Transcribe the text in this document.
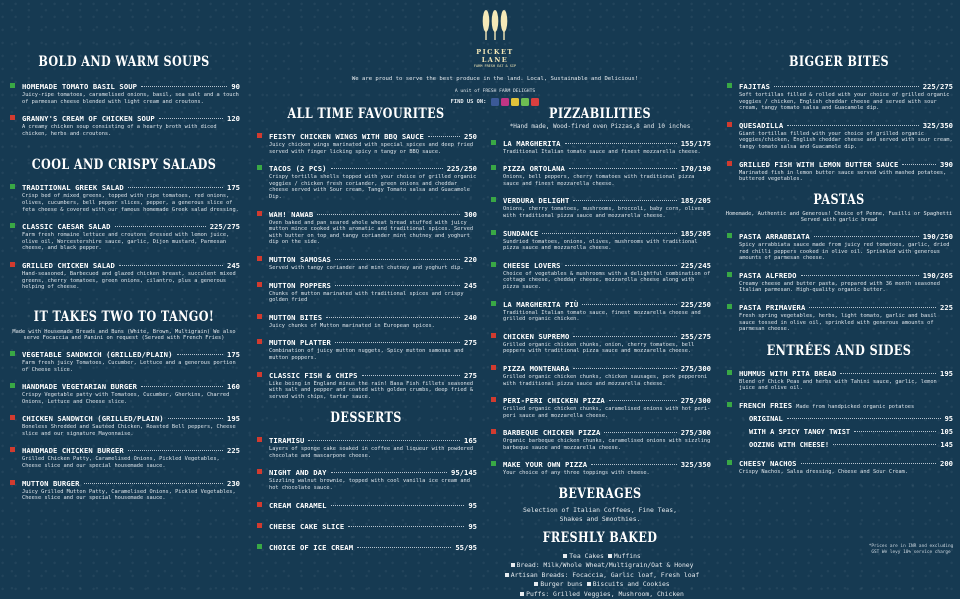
PICKET LANE
FARM FRESH EAT & SIP
We are proud to serve the best produce in the land. Local, Sustainable and Delicious!
A unit of FRESH FARM DELIGHTS
FIND US ON:
BOLD AND WARM SOUPS
HOMEMADE TOMATO BASIL SOUP	90
Juicy-ripe tomatoes, caramelised onions, basil, sea salt and a touch of parmesan cheese blended with light cream and croutons.
GRANNY'S CREAM OF CHICKEN SOUP	120
A creamy chicken soup consisting of a hearty broth with diced chicken, herbs and croutons.
COOL AND CRISPY SALADS
TRADITIONAL GREEK SALAD	175
Crisp bed of mixed greens, topped with ripe tomatoes, red onions, olives, cucumbers, bell pepper slices, pepper, a generous slice of feta cheese & covered with our famous homemade Greek salad dressing.
CLASSIC CAESAR SALAD	225/275
Farm fresh romaine lettuce and croutons dressed with lemon juice, olive oil, Worcestershire sauce, garlic, Dijon mustard, Parmesan cheese, and black pepper.
GRILLED CHICKEN SALAD	245
Hand-seasoned, Barbecued and glazed chicken breast, succulent mixed greens, cherry tomatoes, green onions, cilantro, plus a generous helping of cheese.
IT TAKES TWO TO TANGO!
Made with Housemade Breads and Buns (White, Brown, Multigrain) We also serve Focaccia and Panini on request (Served with French Fries)
VEGETABLE SANDWICH (GRILLED/PLAIN)	175
Farm fresh juicy Tomatoes, Cucumber, Lettuce and a generous portion of Cheese slice.
HANDMADE VEGETARIAN BURGER	160
Crispy Vegetable patty with Tomatoes, Cucumber, Gherkins, Charred Onions, Lettuce and Cheese slice.
CHICKEN SANDWICH (GRILLED/PLAIN)	195
Boneless Shredded and Sautéed Chicken, Roasted Bell peppers, Cheese slice and our signature Mayonnaise.
HANDMADE CHICKEN BURGER	225
Grilled Chicken Patty, Caramelised Onions, Pickled Vegetables, Cheese slice and our special housemade sauce.
MUTTON BURGER	230
Juicy Grilled Mutton Patty, Caramelised Onions, Pickled Vegetables, Cheese slice and our special housemade sauce.
ALL TIME FAVOURITES
FEISTY CHICKEN WINGS WITH BBQ SAUCE	250
Juicy chicken wings marinated with special spices and deep fried served with finger licking spicy n tangy or BBQ sauce.
TACOS (2 PCS)	225/250
Crispy tortilla shells topped with your choice of grilled organic veggies / chicken fresh coriander, green onions and cheddar cheese served with Sour cream, Tangy Tomato salsa and Guacamole Dip.
WAH! NAWAB	300
Oven baked and pan seared whole wheat bread stuffed with juicy mutton mince cooked with aromatic and traditional spices. Served with butter on top and tangy coriander mint chutney and yoghurt dip on the side.
MUTTON SAMOSAS	220
Served with tangy coriander and mint chutney and yoghurt dip.
MUTTON POPPERS	245
Chunks of mutton marinated with traditional spices and crispy golden fried
MUTTON BITES	240
Juicy chunks of Mutton marinated in European spices.
MUTTON PLATTER	275
Combination of juicy mutton nuggets, Spicy mutton samosas and mutton poppers.
CLASSIC FISH & CHIPS	275
Like being in England minus the rain! Basa Fish fillets seasoned with salt and pepper and coated with golden crumbs, deep fried & served with chips, tartar sauce.
DESSERTS
TIRAMISU	165
Layers of sponge cake soaked in coffee and liqueur with powdered chocolate and mascarpone cheese.
NIGHT AND DAY	95/145
Sizzling walnut brownie, topped with cool vanilla ice cream and hot chocolate sauce.
CREAM CARAMEL	95
CHEESE CAKE SLICE	95
CHOICE OF ICE CREAM	55/95
PIZZABILITIES
*Hand made, Wood-fired oven Pizzas,8 and 10 inches
LA MARGHERITA	155/175
Traditional Italian tomato sauce and finest mozzarella cheese.
PIZZA ORTOLANA	170/190
Onions, bell peppers, cherry tomatoes with traditional pizza sauce and finest mozzarella cheese.
VERDURA DELIGHT	185/205
Onions, cherry tomatoes, mushrooms, broccoli, baby corn, olives with traditional pizza sauce and mozzarella cheese.
SUNDANCE	185/205
Sundried tomatoes, onions, olives, mushrooms with traditional pizza sauce and mozzarella cheese.
CHEESE LOVERS	225/245
Choice of vegetables & mushrooms with a delightful combination of cottage cheese, cheddar cheese, mozzarella cheese along with pizza sauce.
LA MARGHERITA PIÙ	225/250
Traditional Italian tomato sauce, finest mozzarella cheese and grilled organic chicken.
CHICKEN SUPREMO	255/275
Grilled organic chicken chunks, onion, cherry tomatoes, bell peppers with traditional pizza sauce and mozzarella cheese.
PIZZA MONTENARA	275/300
Grilled organic chicken chunks, chicken sausages, pork pepperoni with traditional pizza sauce and mozzarella cheese.
PERI-PERI CHICKEN PIZZA	275/300
Grilled organic chicken chunks, caramelised onions with hot peri-peri sauce and mozzarella cheese.
BARBEQUE CHICKEN PIZZA	275/300
Organic barbeque chicken chunks, caramelised onions with sizzling barbeque sauce and mozzarella cheese.
MAKE YOUR OWN PIZZA	325/350
Your choice of any three toppings with cheese.
BEVERAGES
Selection of Italian Coffees, Fine Teas, Shakes and Smoothies.
FRESHLY BAKED
Tea Cakes Muffins
Bread: Milk/Whole Wheat/Multigrain/Oat & Honey
Artisan Breads: Focaccia, Garlic loaf, Fresh loaf
Burger buns Biscuits and Cookies
Puffs: Grilled Veggies, Mushroom, Chicken
BIGGER BITES
FAJITAS	225/275
Soft tortillas filled & rolled with your choice of grilled organic veggies / chicken, English cheddar cheese and served with sour cream, tangy tomato salsa and Guacamole dip.
QUESADILLA	325/350
Giant tortillas filled with your choice of grilled organic veggies/chicken, English cheddar cheese and served with sour cream, tangy tomato salsa and Guacamole dip.
GRILLED FISH WITH LEMON BUTTER SAUCE	390
Marinated fish in lemon butter sauce served with mashed potatoes, buttered vegetables.
PASTAS
Homemade, Authentic and Generous! Choice of Penne, Fusilli or Spaghetti Served with garlic bread
PASTA ARRABBIATA	190/250
Spicy arrabbiata sauce made from juicy red tomatoes, garlic, dried red chilli peppers cooked in olive oil. Sprinkled with generous amounts of parmesan cheese.
PASTA ALFREDO	190/265
Creamy cheese and butter pasta, prepared with 36 month seasoned Italian parmesan. High-quality organic butter.
PASTA PRIMAVERA	225
Fresh spring vegetables, herbs, light tomato, garlic and basil sauce tossed in olive oil, sprinkled with generous amounts of parmesan cheese.
ENTRÉES AND SIDES
HUMMUS WITH PITA BREAD	195
Blend of Chick Peas and herbs with Tahini sauce, garlic, lemon juice and olive oil.
FRENCH FRIES Made from handpicked organic potatoes
ORIGINAL	95
WITH A SPICY TANGY TWIST	105
OOZING WITH CHEESE!	145
CHEESY NACHOS	200
Crispy Nachos, Salsa dressing, Cheese and Sour Cream.
*Prices are in INR and excluding GST We levy 10% service charge
